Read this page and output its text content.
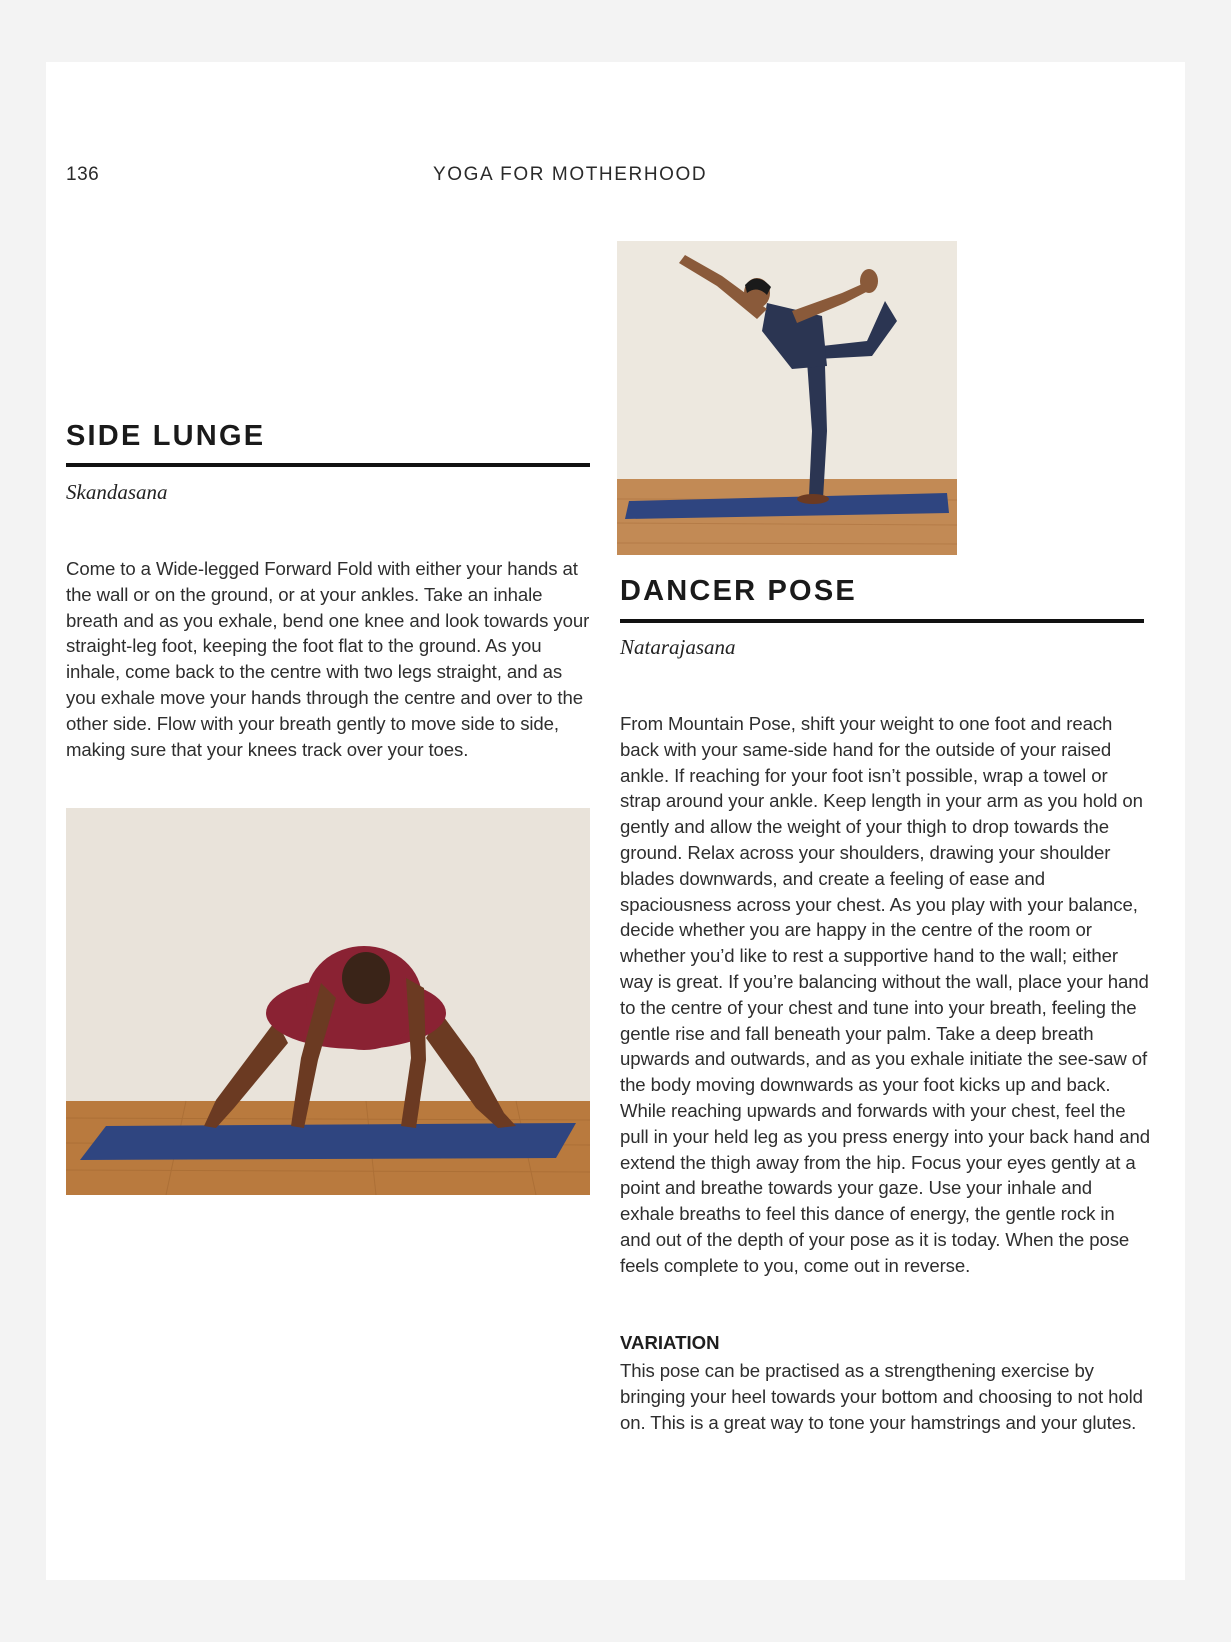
136	YOGA FOR MOTHERHOOD
SIDE LUNGE

Skandasana

Come to a Wide-legged Forward Fold with either your hands at the wall or on the ground, or at your ankles. Take an inhale breath and as you exhale, bend one knee and look towards your straight-leg foot, keeping the foot flat to the ground. As you inhale, come back to the centre with two legs straight, and as you exhale move your hands through the centre and over to the other side. Flow with your breath gently to move side to side, making sure that your knees track over your toes.

DANCER POSE

Natarajasana

From Mountain Pose, shift your weight to one foot and reach back with your same-side hand for the outside of your raised ankle. If reaching for your foot isn’t possible, wrap a towel or strap around your ankle. Keep length in your arm as you hold on gently and allow the weight of your thigh to drop towards the ground. Relax across your shoulders, drawing your shoulder blades downwards, and create a feeling of ease and spaciousness across your chest. As you play with your balance, decide whether you are happy in the centre of the room or whether you’d like to rest a supportive hand to the wall; either way is great. If you’re balancing without the wall, place your hand to the centre of your chest and tune into your breath, feeling the gentle rise and fall beneath your palm. Take a deep breath upwards and outwards, and as you exhale initiate the see-saw of the body moving downwards as your foot kicks up and back. While reaching upwards and forwards with your chest, feel the pull in your held leg as you press energy into your back hand and extend the thigh away from the hip. Focus your eyes gently at a point and breathe towards your gaze. Use your inhale and exhale breaths to feel this dance of energy, the gentle rock in and out of the depth of your pose as it is today. When the pose feels complete to you, come out in reverse.

VARIATION

This pose can be practised as a strengthening exercise by bringing your heel towards your bottom and choosing to not hold on. This is a great way to tone your hamstrings and your glutes.
